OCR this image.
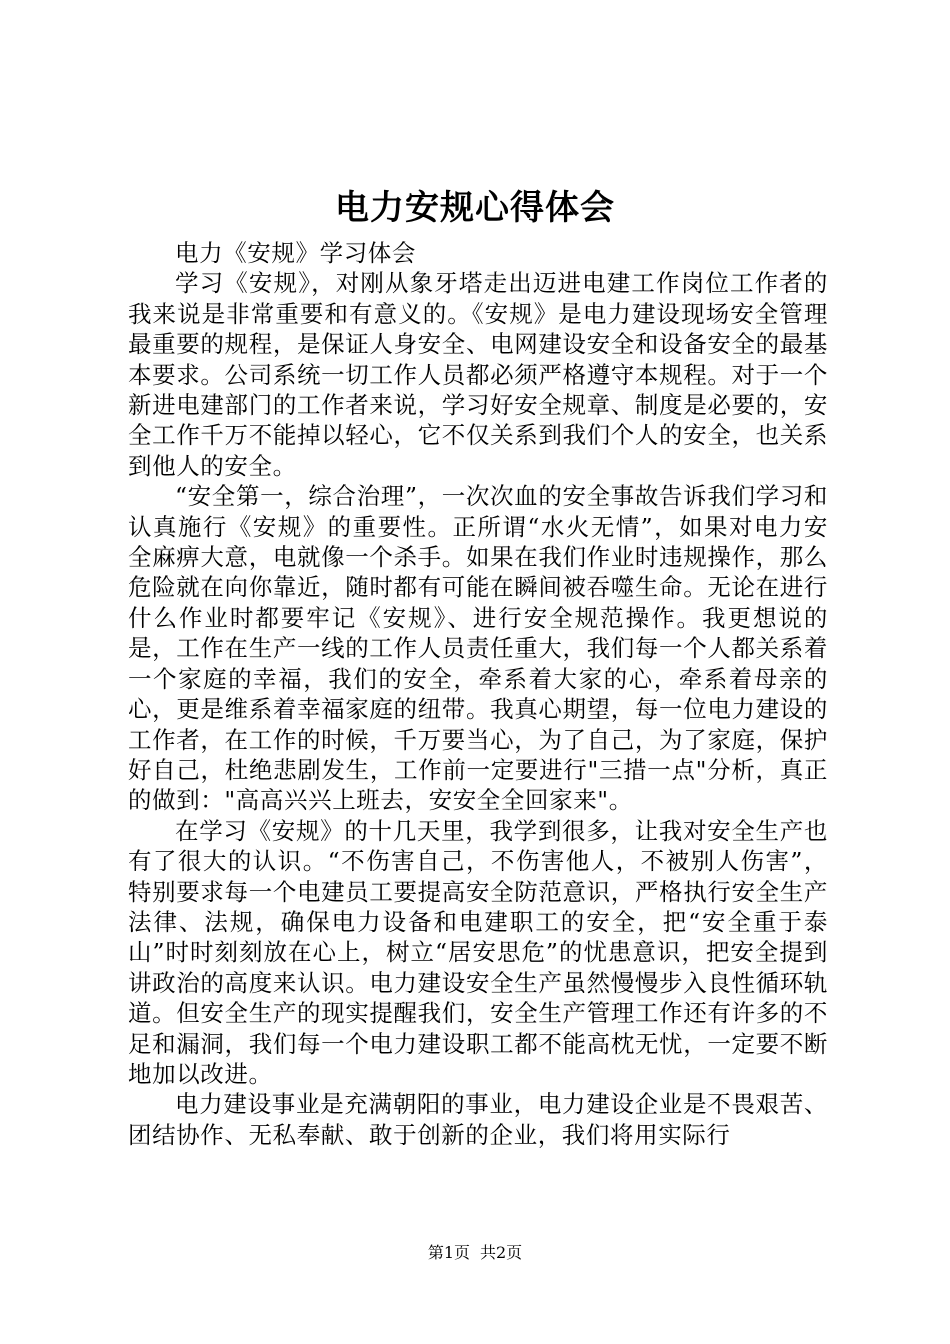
电力安规心得体会

电力《安规》学习体会

学习《安规》，对刚从象牙塔走出迈进电建工作岗位工作者的我来说是非常重要和有意义的。《安规》是电力建设现场安全管理最重要的规程，是保证人身安全、电网建设安全和设备安全的最基本要求。公司系统一切工作人员都必须严格遵守本规程。对于一个新进电建部门的工作者来说，学习好安全规章、制度是必要的，安全工作千万不能掉以轻心，它不仅关系到我们个人的安全，也关系到他人的安全。

“安全第一，综合治理”，一次次血的安全事故告诉我们学习和认真施行《安规》的重要性。正所谓“水火无情”，如果对电力安全麻痹大意，电就像一个杀手。如果在我们作业时违规操作，那么危险就在向你靠近，随时都有可能在瞬间被吞噬生命。无论在进行什么作业时都要牢记《安规》、进行安全规范操作。我更想说的是，工作在生产一线的工作人员责任重大，我们每一个人都关系着一个家庭的幸福，我们的安全，牵系着大家的心，牵系着母亲的心，更是维系着幸福家庭的纽带。我真心期望，每一位电力建设的工作者，在工作的时候，千万要当心，为了自己，为了家庭，保护好自己，杜绝悲剧发生，工作前一定要进行"三措一点"分析，真正的做到："高高兴兴上班去，安安全全回家来"。

在学习《安规》的十几天里，我学到很多，让我对安全生产也有了很大的认识。“不伤害自己，不伤害他人，不被别人伤害”，特别要求每一个电建员工要提高安全防范意识，严格执行安全生产法律、法规，确保电力设备和电建职工的安全，把“安全重于泰山”时时刻刻放在心上，树立“居安思危”的忧患意识，把安全提到讲政治的高度来认识。电力建设安全生产虽然慢慢步入良性循环轨道。但安全生产的现实提醒我们，安全生产管理工作还有许多的不足和漏洞，我们每一个电力建设职工都不能高枕无忧，一定要不断地加以改进。

电力建设事业是充满朝阳的事业，电力建设企业是不畏艰苦、团结协作、无私奉献、敢于创新的企业，我们将用实际行

第1页 共2页
